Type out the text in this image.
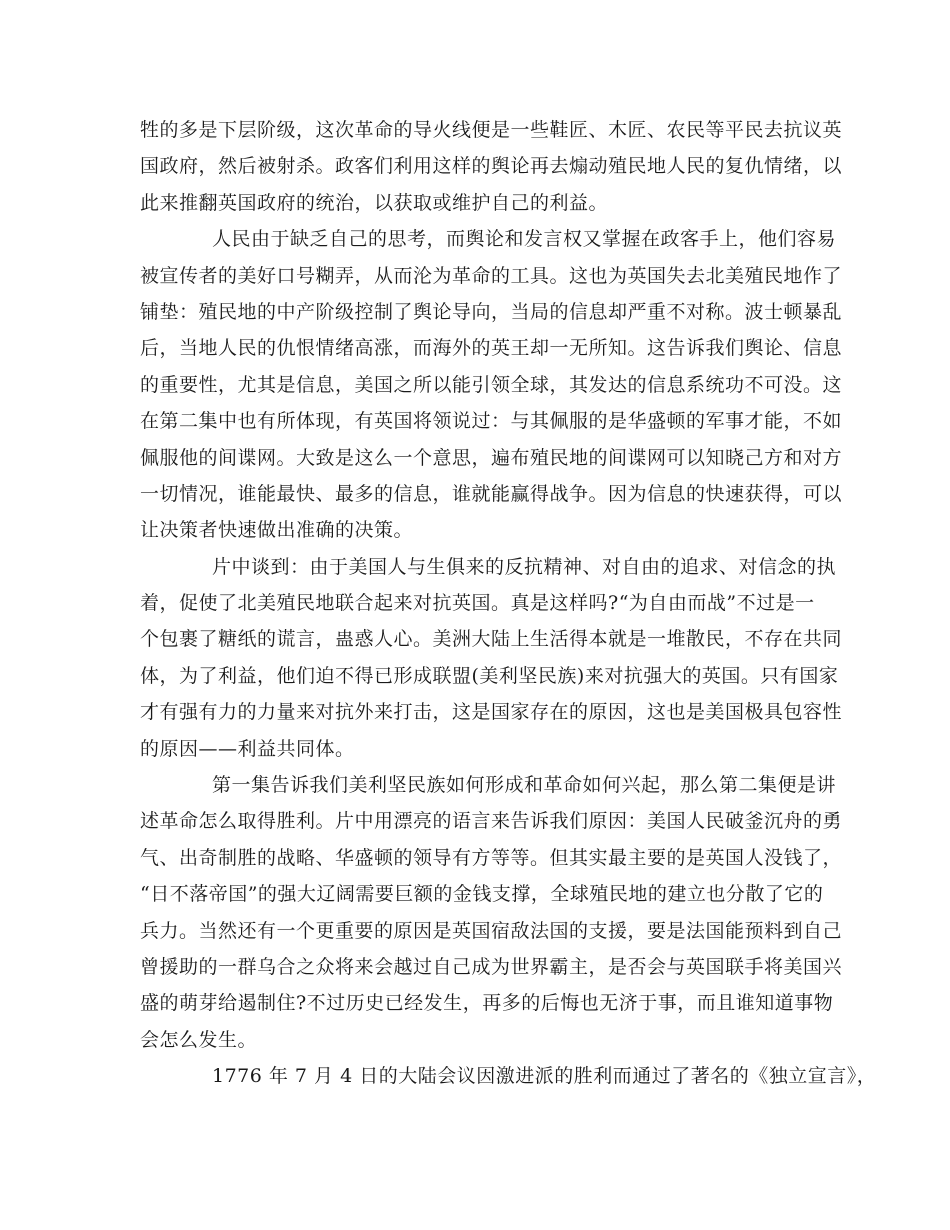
牲的多是下层阶级，这次革命的导火线便是一些鞋匠、木匠、农民等平民去抗议英
国政府，然后被射杀。政客们利用这样的舆论再去煽动殖民地人民的复仇情绪，以
此来推翻英国政府的统治，以获取或维护自己的利益。
人民由于缺乏自己的思考，而舆论和发言权又掌握在政客手上，他们容易
被宣传者的美好口号糊弄，从而沦为革命的工具。这也为英国失去北美殖民地作了
铺垫：殖民地的中产阶级控制了舆论导向，当局的信息却严重不对称。波士顿暴乱
后，当地人民的仇恨情绪高涨，而海外的英王却一无所知。这告诉我们舆论、信息
的重要性，尤其是信息，美国之所以能引领全球，其发达的信息系统功不可没。这
在第二集中也有所体现，有英国将领说过：与其佩服的是华盛顿的军事才能，不如
佩服他的间谍网。大致是这么一个意思，遍布殖民地的间谍网可以知晓己方和对方
一切情况，谁能最快、最多的信息，谁就能赢得战争。因为信息的快速获得，可以
让决策者快速做出准确的决策。
片中谈到：由于美国人与生俱来的反抗精神、对自由的追求、对信念的执
着，促使了北美殖民地联合起来对抗英国。真是这样吗?“为自由而战”不过是一
个包裹了糖纸的谎言，蛊惑人心。美洲大陆上生活得本就是一堆散民，不存在共同
体，为了利益，他们迫不得已形成联盟(美利坚民族)来对抗强大的英国。只有国家
才有强有力的力量来对抗外来打击，这是国家存在的原因，这也是美国极具包容性
的原因——利益共同体。
第一集告诉我们美利坚民族如何形成和革命如何兴起，那么第二集便是讲
述革命怎么取得胜利。片中用漂亮的语言来告诉我们原因：美国人民破釜沉舟的勇
气、出奇制胜的战略、华盛顿的领导有方等等。但其实最主要的是英国人没钱了，
“日不落帝国”的强大辽阔需要巨额的金钱支撑，全球殖民地的建立也分散了它的
兵力。当然还有一个更重要的原因是英国宿敌法国的支援，要是法国能预料到自己
曾援助的一群乌合之众将来会越过自己成为世界霸主，是否会与英国联手将美国兴
盛的萌芽给遏制住?不过历史已经发生，再多的后悔也无济于事，而且谁知道事物
会怎么发生。
1776 年 7 月 4 日的大陆会议因激进派的胜利而通过了著名的《独立宣言》，
